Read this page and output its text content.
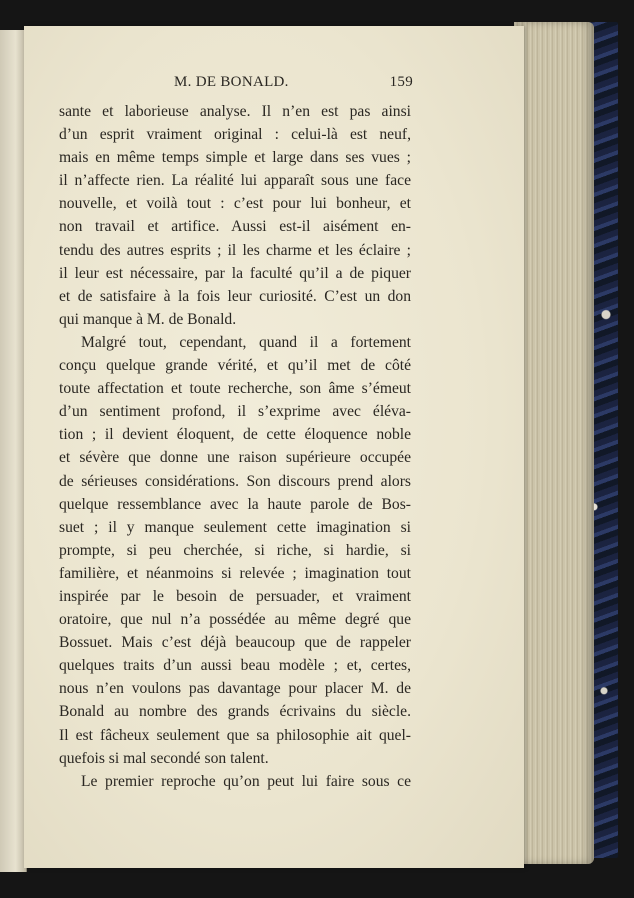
M. DE BONALD.	159
sante et laborieuse analyse. Il n’en est pas ainsi
d’un esprit vraiment original : celui-là est neuf,
mais en même temps simple et large dans ses vues ;
il n’affecte rien. La réalité lui apparaît sous une face
nouvelle, et voilà tout : c’est pour lui bonheur, et
non travail et artifice. Aussi est-il aisément en-
tendu des autres esprits ; il les charme et les éclaire ;
il leur est nécessaire, par la faculté qu’il a de piquer
et de satisfaire à la fois leur curiosité. C’est un don
qui manque à M. de Bonald.
Malgré tout, cependant, quand il a fortement
conçu quelque grande vérité, et qu’il met de côté
toute affectation et toute recherche, son âme s’émeut
d’un sentiment profond, il s’exprime avec éléva-
tion ; il devient éloquent, de cette éloquence noble
et sévère que donne une raison supérieure occupée
de sérieuses considérations. Son discours prend alors
quelque ressemblance avec la haute parole de Bos-
suet ; il y manque seulement cette imagination si
prompte, si peu cherchée, si riche, si hardie, si
familière, et néanmoins si relevée ; imagination tout
inspirée par le besoin de persuader, et vraiment
oratoire, que nul n’a possédée au même degré que
Bossuet. Mais c’est déjà beaucoup que de rappeler
quelques traits d’un aussi beau modèle ; et, certes,
nous n’en voulons pas davantage pour placer M. de
Bonald au nombre des grands écrivains du siècle.
Il est fâcheux seulement que sa philosophie ait quel-
quefois si mal secondé son talent.
Le premier reproche qu’on peut lui faire sous ce
